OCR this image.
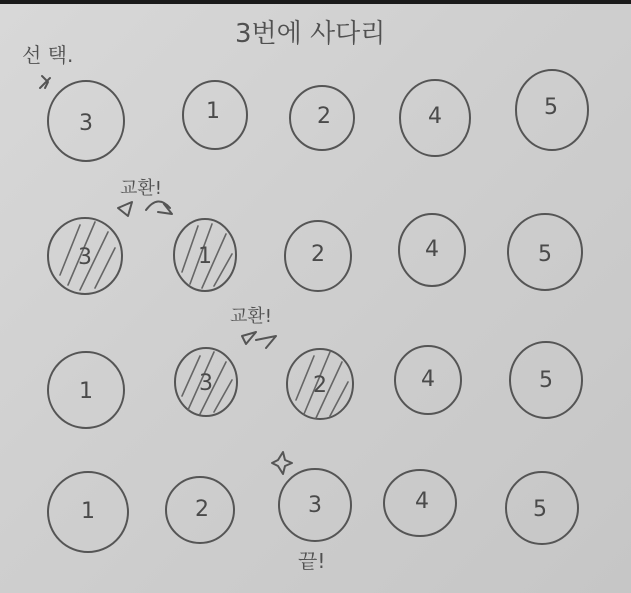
3번에 사다리
선 택.
3	1	2	4	5
교환!
3	1	2	4	5
교환!
1	3	2	4	5
1	2	3	4	5
끝!
